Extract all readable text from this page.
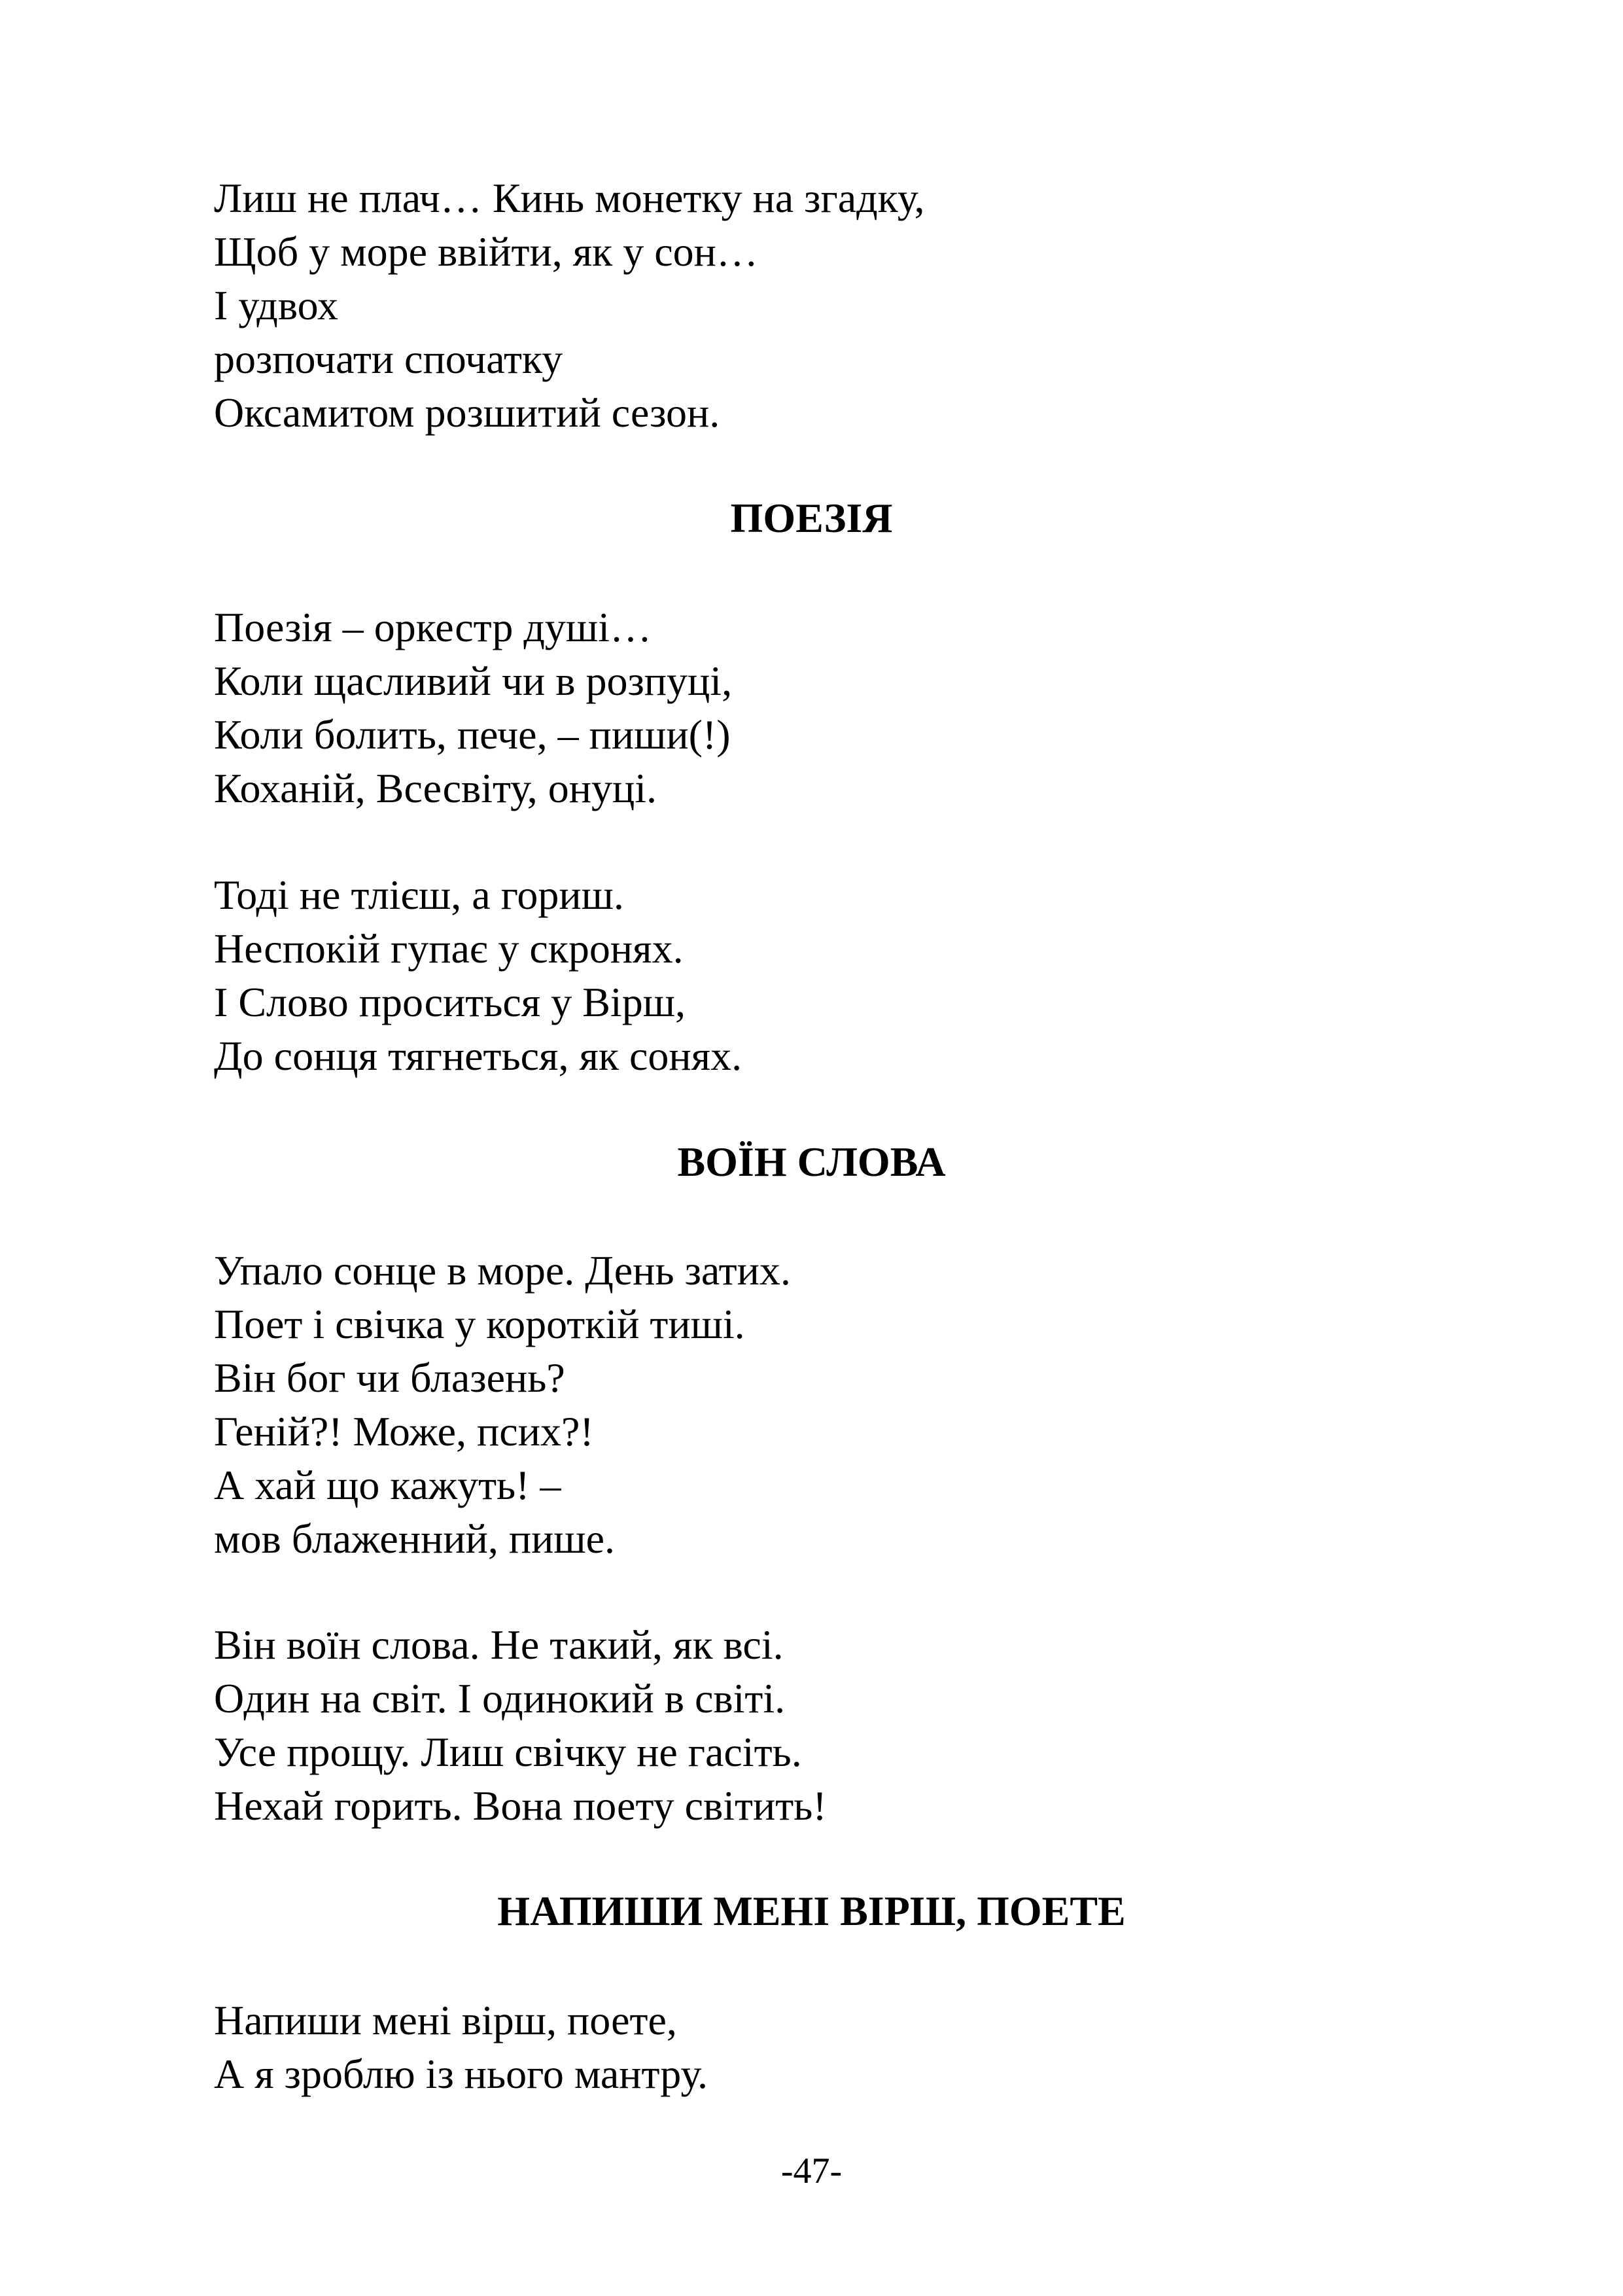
Лиш не плач… Кинь монетку на згадку,
Щоб у море ввійти, як у сон…
І удвох
розпочати спочатку
Оксамитом розшитий сезон.
ПОЕЗІЯ
Поезія – оркестр душі…
Коли щасливий чи в розпуці,
Коли болить, пече, – пиши(!)
Коханій, Всесвіту, онуці.
Тоді не тлієш, а гориш.
Неспокій гупає у скронях.
І Слово проситься у Вірш,
До сонця тягнеться, як сонях.
ВОЇН СЛОВА
Упало сонце в море. День затих.
Поет і свічка у короткій тиші.
Він бог чи блазень?
Геній?! Може, псих?!
А хай що кажуть! –
мов блаженний, пише.
Він воїн слова. Не такий, як всі.
Один на світ. І одинокий в світі.
Усе прощу. Лиш свічку не гасіть.
Нехай горить. Вона поету світить!
НАПИШИ МЕНІ ВІРШ, ПОЕТЕ
Напиши мені вірш, поете,
А я зроблю із нього мантру.
-47-
